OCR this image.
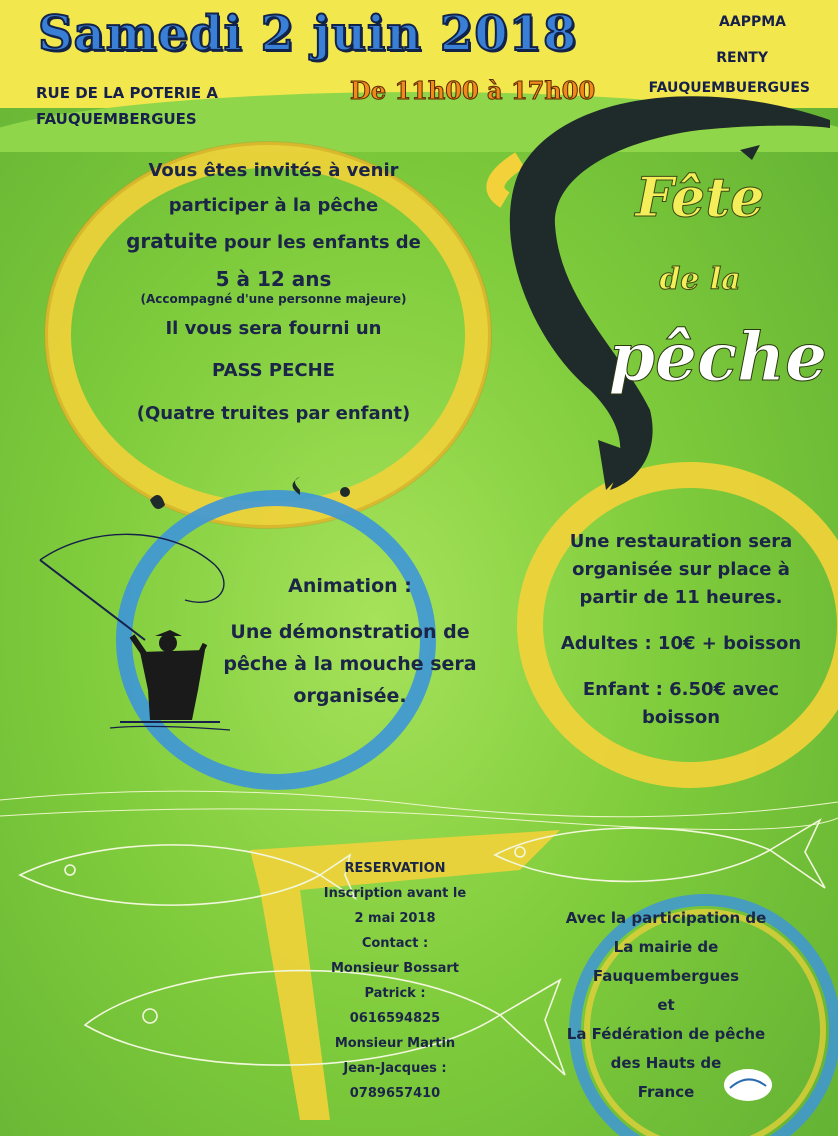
Samedi 2 juin 2018
De 11h00 à 17h00
AAPPMA
RENTY
FAUQUEMBUERGUES
RUE DE LA POTERIE A
FAUQUEMBERGUES
Vous êtes invités à venir
participer à la pêche
gratuite pour les enfants de
5 à 12 ans
(Accompagné d'une personne majeure)
Il vous sera fourni un
PASS PECHE
(Quatre truites par enfant)
Fête
de la
pêche
Animation :
Une démonstration de
pêche à la mouche sera
organisée.
Une restauration sera
organisée sur place à
partir de 11 heures.
Adultes : 10€ + boisson
Enfant : 6.50€ avec
boisson
RESERVATION
Inscription avant le
2 mai 2018
Contact :
Monsieur Bossart
Patrick :
0616594825
Monsieur Martin
Jean-Jacques :
0789657410
Avec la participation de
La mairie de
Fauquembergues
et
La Fédération de pêche
des Hauts de
France
